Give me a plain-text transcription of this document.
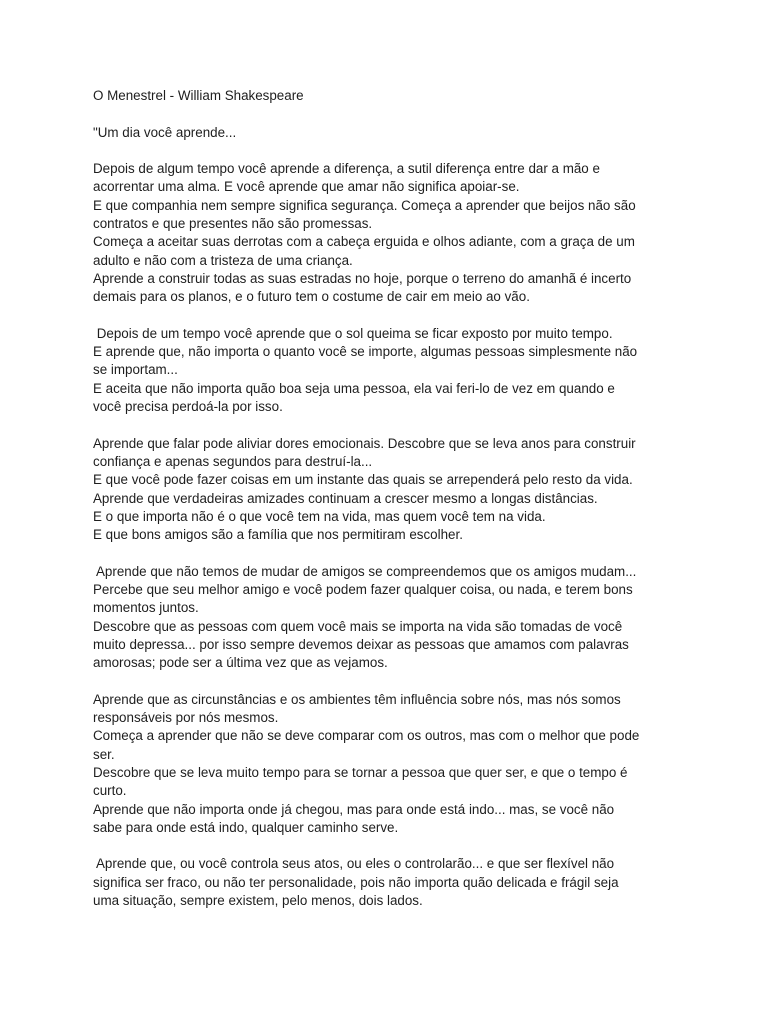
O Menestrel - William Shakespeare
"Um dia você aprende...
Depois de algum tempo você aprende a diferença, a sutil diferença entre dar a mão e
acorrentar uma alma. E você aprende que amar não significa apoiar-se.
E que companhia nem sempre significa segurança. Começa a aprender que beijos não são
contratos e que presentes não são promessas.
Começa a aceitar suas derrotas com a cabeça erguida e olhos adiante, com a graça de um
adulto e não com a tristeza de uma criança.
Aprende a construir todas as suas estradas no hoje, porque o terreno do amanhã é incerto
demais para os planos, e o futuro tem o costume de cair em meio ao vão.
Depois de um tempo você aprende que o sol queima se ficar exposto por muito tempo.
E aprende que, não importa o quanto você se importe, algumas pessoas simplesmente não
se importam...
E aceita que não importa quão boa seja uma pessoa, ela vai feri-lo de vez em quando e
você precisa perdoá-la por isso.
Aprende que falar pode aliviar dores emocionais. Descobre que se leva anos para construir
confiança e apenas segundos para destruí-la...
E que você pode fazer coisas em um instante das quais se arrependerá pelo resto da vida.
Aprende que verdadeiras amizades continuam a crescer mesmo a longas distâncias.
E o que importa não é o que você tem na vida, mas quem você tem na vida.
E que bons amigos são a família que nos permitiram escolher.
Aprende que não temos de mudar de amigos se compreendemos que os amigos mudam...
Percebe que seu melhor amigo e você podem fazer qualquer coisa, ou nada, e terem bons
momentos juntos.
Descobre que as pessoas com quem você mais se importa na vida são tomadas de você
muito depressa... por isso sempre devemos deixar as pessoas que amamos com palavras
amorosas; pode ser a última vez que as vejamos.
Aprende que as circunstâncias e os ambientes têm influência sobre nós, mas nós somos
responsáveis por nós mesmos.
Começa a aprender que não se deve comparar com os outros, mas com o melhor que pode
ser.
Descobre que se leva muito tempo para se tornar a pessoa que quer ser, e que o tempo é
curto.
Aprende que não importa onde já chegou, mas para onde está indo... mas, se você não
sabe para onde está indo, qualquer caminho serve.
Aprende que, ou você controla seus atos, ou eles o controlarão... e que ser flexível não
significa ser fraco, ou não ter personalidade, pois não importa quão delicada e frágil seja
uma situação, sempre existem, pelo menos, dois lados.
